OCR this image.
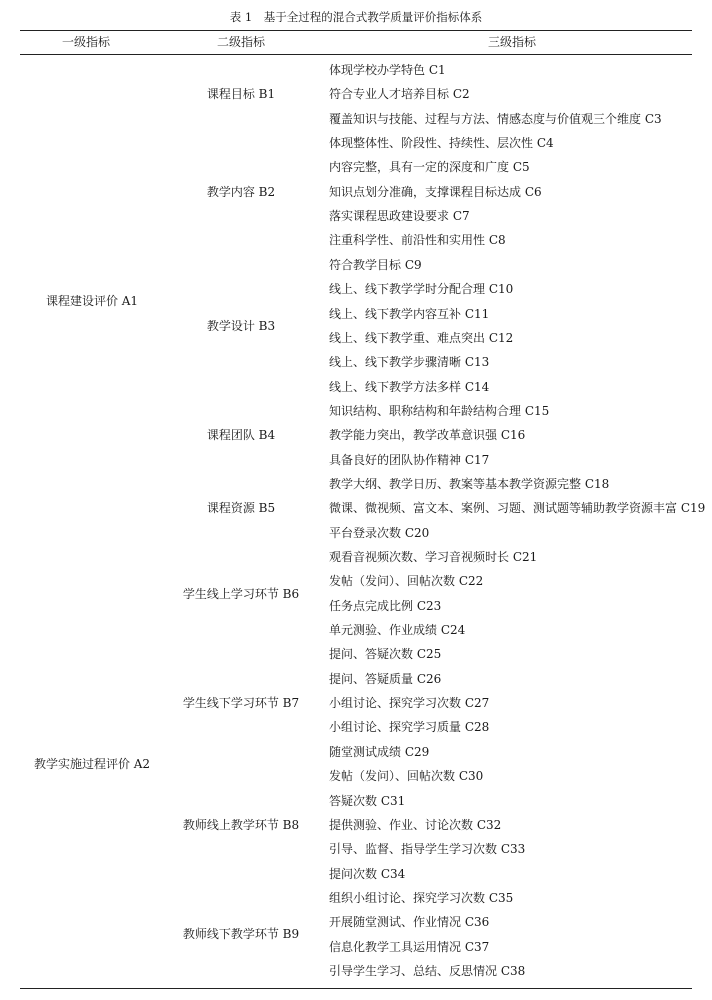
表 1　基于全过程的混合式教学质量评价指标体系
一级指标	二级指标	三级指标
体现学校办学特色 C1
符合专业人才培养目标 C2
覆盖知识与技能、过程与方法、情感态度与价值观三个维度 C3
体现整体性、阶段性、持续性、层次性 C4
内容完整，具有一定的深度和广度 C5
知识点划分准确，支撑课程目标达成 C6
落实课程思政建设要求 C7
注重科学性、前沿性和实用性 C8
符合教学目标 C9
线上、线下教学学时分配合理 C10
线上、线下教学内容互补 C11
线上、线下教学重、难点突出 C12
线上、线下教学步骤清晰 C13
线上、线下教学方法多样 C14
知识结构、职称结构和年龄结构合理 C15
教学能力突出，教学改革意识强 C16
具备良好的团队协作精神 C17
教学大纲、教学日历、教案等基本教学资源完整 C18
微课、微视频、富文本、案例、习题、测试题等辅助教学资源丰富 C19
平台登录次数 C20
观看音视频次数、学习音视频时长 C21
发帖（发问）、回帖次数 C22
任务点完成比例 C23
单元测验、作业成绩 C24
提问、答疑次数 C25
提问、答疑质量 C26
小组讨论、探究学习次数 C27
小组讨论、探究学习质量 C28
随堂测试成绩 C29
发帖（发问）、回帖次数 C30
答疑次数 C31
提供测验、作业、讨论次数 C32
引导、监督、指导学生学习次数 C33
提问次数 C34
组织小组讨论、探究学习次数 C35
开展随堂测试、作业情况 C36
信息化教学工具运用情况 C37
引导学生学习、总结、反思情况 C38
课程目标 B1
教学内容 B2
教学设计 B3
课程团队 B4
课程资源 B5
学生线上学习环节 B6
学生线下学习环节 B7
教师线上教学环节 B8
教师线下教学环节 B9
课程建设评价 A1
教学实施过程评价 A2
